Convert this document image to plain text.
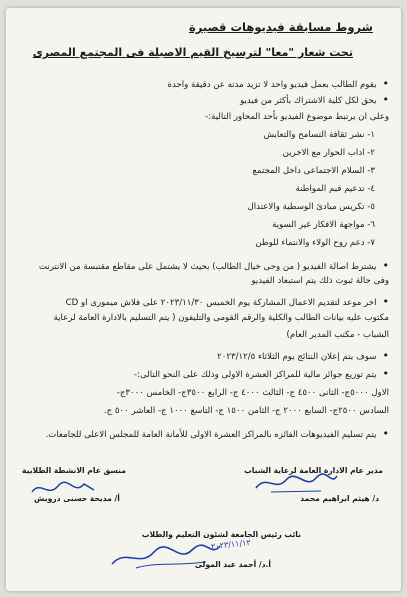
شروط مسابقة فيديوهات قصيرة
تحت شعار "معا" لترسيخ القيم الاصيلة فى المجتمع المصرى
• يقوم الطالب بعمل فيديو واحد لا تزيد مدته عن دقيقة واحدة
• يحق لكل كلية الاشتراك بأكثر من فيديو
وعلى ان يرتبط موضوع الفيديو بأحد المحاور التالية:-
١- نشر ثقافة التسامح والتعايش
٢- اداب الحوار مع الاخرين
٣- السلام الاجتماعى داخل المجتمع
٤- تدعيم قيم المواطنة
٥- تكريس مبادئ الوسطية والاعتدال
٦- مواجهة الافكار غير السوية
٧- دعم روح الولاء والانتماء للوطن
• يشترط اصالة الفيديو ( من وحى خيال الطالب) بحيث لا يشتمل على مقاطع مقتبسة من الانترنت
وفى حالة ثبوت ذلك يتم استبعاد الفيديو
• اخر موعد لتقديم الاعمال المشاركة يوم الخميس ٢٠٢٣/١١/٣٠ على فلاش ميمورى او CD
مكتوب عليه بيانات الطالب والكلية والرقم القومى والتليفون ( يتم التسليم بالادارة العامة لرعاية
الشباب - مكتب المدير العام)
• سوف يتم إعلان النتائج يوم الثلاثاء ٢٠٢٣/١٢/٥
• يتم توزيع جوائز مالية للمراكز العشرة الاولى وذلك على النحو التالى:-
الاول ٥٠٠٠ج- الثانى ٤٥٠٠ ج- الثالث ٤٠٠٠ ج- الرابع ٣٥٠٠ج- الخامس ٣٠٠٠ج-
السادس ٢٥٠٠ج- السابع ٢٠٠٠ ج- الثامن ١٥٠٠ ج- التاسع ١٠٠٠ ج- العاشر ٥٠٠ ج.
• يتم تسليم الفيديوهات الفائزه بالمراكز العشرة الاولى للأمانة العامة للمجلس الاعلى للجامعات.
مدير عام الادارة العامة لرعاية الشباب
منسق عام الانشطة الطلابية
د/ هيثم ابراهيم محمد
أ/ مديحة حسنى درويش
نائب رئيس الجامعة لشئون التعليم والطلاب
٢٠٢٣/١١/١٢
أ.د/ أحمد عبد المولى
